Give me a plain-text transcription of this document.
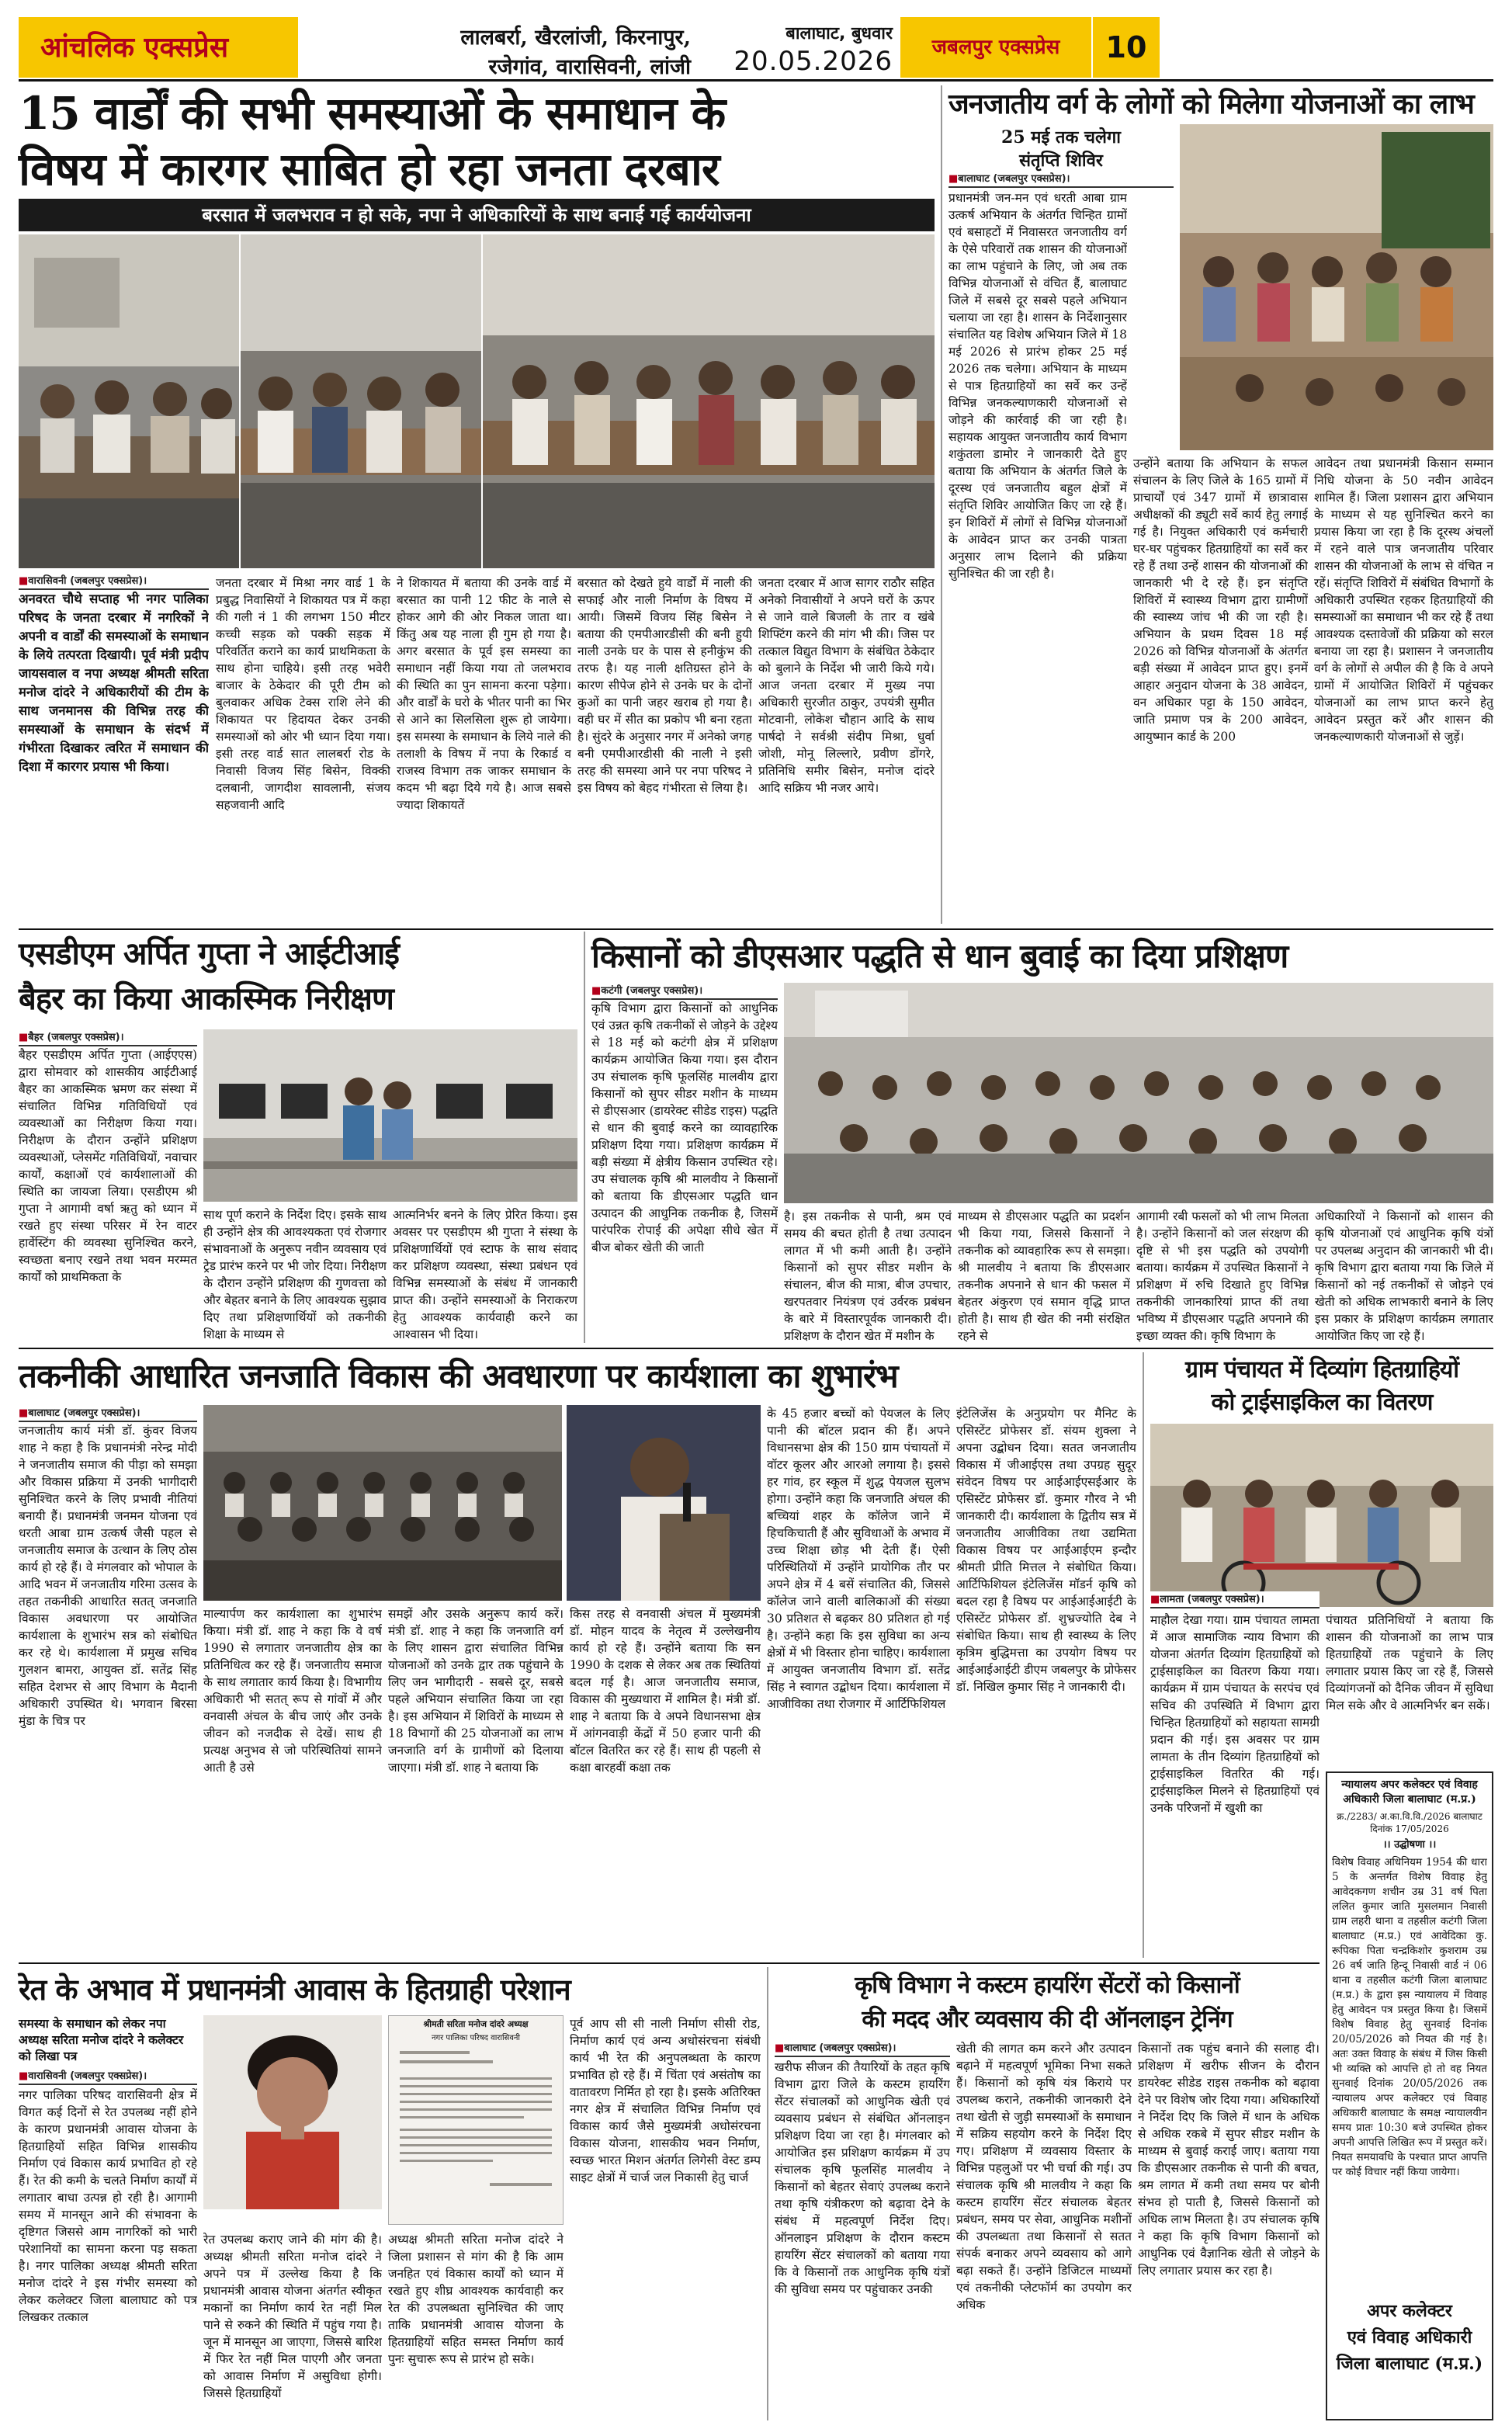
आंचलिक एक्सप्रेस	लालबर्रा, खैरलांजी, किरनापुर,
रजेगांव, वारासिवनी, लांजी
बालाघाट, बुधवार
20.05.2026	जबलपुर एक्सप्रेस	10
15 वार्डों की सभी समस्याओं के समाधान के
विषय में कारगर साबित हो रहा जनता दरबार
बरसात में जलभराव न हो सके, नपा ने अधिकारियों के साथ बनाई गई कार्ययोजना
■ वारासिवनी (जबलपुर एक्सप्रेस)।
अनवरत चौथे सप्ताह भी नगर पालिका परिषद के जनता दरबार में नगरिकों ने अपनी व वार्डों की समस्याओं के समाधान के लिये तत्परता दिखायी। पूर्व मंत्री प्रदीप जायसवाल व नपा अध्यक्ष श्रीमती सरिता मनोज दांदरे ने अधिकारीयों की टीम के साथ जनमानस की विभिन्न तरह की समस्याओं के समाधान के संदर्भ में गंभीरता दिखाकर त्वरित में समाधान की दिशा में कारगर प्रयास भी किया।
जनता दरबार में मिश्रा नगर वार्ड 1 के प्रबुद्ध निवासियों ने शिकायत पत्र में कहा की गली नं 1 की लगभग 150 मीटर कच्ची सड़क को पक्की सड़क में परिवर्तित कराने का कार्य प्राथमिकता के साथ होना चाहिये। इसी तरह भवेरी बाजार के ठेकेदार की पूरी टीम को बुलवाकर अधिक टेक्स राशि लेने की शिकायत पर हिदायत देकर उनकी समस्याओं को ओर भी ध्यान दिया गया। इसी तरह वार्ड सात लालबर्रा रोड के निवासी विजय सिंह बिसेन, विक्की दलबानी, जागदीश सावलानी, संजय सहजवानी आदि
ने शिकायत में बताया की उनके वार्ड में बरसात का पानी 12 फीट के नाले से होकर आगे की ओर निकल जाता था। किंतु अब यह नाला ही गुम हो गया है। अगर बरसात के पूर्व इस समस्या का समाधान नहीं किया गया तो जलभराव की स्थिति का पुन सामना करना पड़ेगा। और वार्डों के घरो के भीतर पानी का भिर से आने का सिलसिला शुरू हो जायेगा। इस समस्या के समाधान के लिये नाले की तलाशी के विषय में नपा के रिकार्ड व राजस्व विभाग तक जाकर समाधान के कदम भी बढ़ा दिये गये है। आज सबसे ज्यादा शिकायतें
बरसात को देखते हुये वार्डों में नाली की सफाई और नाली निर्माण के विषय में आयी। जिसमें विजय सिंह बिसेन ने बताया की एमपीआरडीसी की बनी हुयी नाली उनके घर के पास से हनीकुंभ की तरफ है। यह नाली क्षतिग्रस्त होने के कारण सीपेज होने से उनके घर के दोनों कुओं का पानी जहर खराब हो गया है। वही घर में सीत का प्रकोप भी बना रहता है। सुंदरे के अनुसार नगर में अनेको जगह बनी एमपीआरडीसी की नाली ने इसी तरह की समस्या आने पर नपा परिषद ने इस विषय को बेहद गंभीरता से लिया है।
जनता दरबार में आज सागर राठौर सहित अनेको निवासीयों ने अपने घरों के ऊपर से जाने वाले बिजली के तार व खंबे शिफ्टिंग करने की मांग भी की। जिस पर तत्काल विद्युत विभाग के संबंधित ठेकेदार को बुलाने के निर्देश भी जारी किये गये। आज जनता दरबार में मुख्य नपा अधिकारी सुरजीत ठाकुर, उपयंत्री सुमीत मोटवानी, लोकेश चौहान आदि के साथ पार्षदो ने सर्वश्री संदीप मिश्रा, धुर्वा जोशी, मोनू लिल्लारे, प्रवीण डोंगरे, प्रतिनिधि समीर बिसेन, मनोज दांदरे आदि सक्रिय भी नजर आये।
जनजातीय वर्ग के लोगों को मिलेगा योजनाओं का लाभ
25 मई तक चलेगा
संतृप्ति शिविर
■ बालाघाट (जबलपुर एक्सप्रेस)।
प्रधानमंत्री जन-मन एवं धरती आबा ग्राम उत्कर्ष अभियान के अंतर्गत चिन्हित ग्रामों एवं बसाहटों में निवासरत जनजातीय वर्ग के ऐसे परिवारों तक शासन की योजनाओं का लाभ पहुंचाने के लिए, जो अब तक विभिन्न योजनाओं से वंचित हैं, बालाघाट जिले में सबसे दूर सबसे पहले अभियान चलाया जा रहा है। शासन के निर्देशानुसार संचालित यह विशेष अभियान जिले में 18 मई 2026 से प्रारंभ होकर 25 मई 2026 तक चलेगा। अभियान के माध्यम से पात्र हितग्राहियों का सर्वे कर उन्हें विभिन्न जनकल्याणकारी योजनाओं से जोड़ने की कार्रवाई की जा रही है। सहायक आयुक्त जनजातीय कार्य विभाग शकुंतला डामोर ने जानकारी देते हुए बताया कि अभियान के अंतर्गत जिले के दूरस्थ एवं जनजातीय बहुल क्षेत्रों में संतृप्ति शिविर आयोजित किए जा रहे हैं। इन शिविरों में लोगों से विभिन्न योजनाओं के आवेदन प्राप्त कर उनकी पात्रता अनुसार लाभ दिलाने की प्रक्रिया सुनिश्चित की जा रही है।
उन्होंने बताया कि अभियान के सफल संचालन के लिए जिले के 165 ग्रामों में प्राचार्यों एवं 347 ग्रामों में छात्रावास अधीक्षकों की ड्यूटी सर्वे कार्य हेतु लगाई गई है। नियुक्त अधिकारी एवं कर्मचारी घर-घर पहुंचकर हितग्राहियों का सर्वे कर रहे हैं तथा उन्हें शासन की योजनाओं की जानकारी भी दे रहे हैं। इन संतृप्ति शिविरों में स्वास्थ्य विभाग द्वारा ग्रामीणों की स्वास्थ्य जांच भी की जा रही है। अभियान के प्रथम दिवस 18 मई 2026 को विभिन्न योजनाओं के अंतर्गत बड़ी संख्या में आवेदन प्राप्त हुए। इनमें आहार अनुदान योजना के 38 आवेदन, वन अधिकार पट्टा के 150 आवेदन, जाति प्रमाण पत्र के 200 आवेदन, आयुष्मान कार्ड के 200
आवेदन तथा प्रधानमंत्री किसान सम्मान निधि योजना के 50 नवीन आवेदन शामिल हैं। जिला प्रशासन द्वारा अभियान के माध्यम से यह सुनिश्चित करने का प्रयास किया जा रहा है कि दूरस्थ अंचलों में रहने वाले पात्र जनजातीय परिवार शासन की योजनाओं के लाभ से वंचित न रहें। संतृप्ति शिविरों में संबंधित विभागों के अधिकारी उपस्थित रहकर हितग्राहियों की समस्याओं का समाधान भी कर रहे हैं तथा आवश्यक दस्तावेजों की प्रक्रिया को सरल बनाया जा रहा है। प्रशासन ने जनजातीय वर्ग के लोगों से अपील की है कि वे अपने ग्रामों में आयोजित शिविरों में पहुंचकर योजनाओं का लाभ प्राप्त करने हेतु आवेदन प्रस्तुत करें और शासन की जनकल्याणकारी योजनाओं से जुड़ें।
एसडीएम अर्पित गुप्ता ने आईटीआई
बैहर का किया आकस्मिक निरीक्षण
■ बैहर (जबलपुर एक्सप्रेस)।
बैहर एसडीएम अर्पित गुप्ता (आईएएस) द्वारा सोमवार को शासकीय आईटीआई बैहर का आकस्मिक भ्रमण कर संस्था में संचालित विभिन्न गतिविधियों एवं व्यवस्थाओं का निरीक्षण किया गया। निरीक्षण के दौरान उन्होंने प्रशिक्षण व्यवस्थाओं, प्लेसमेंट गतिविधियों, नवाचार कार्यों, कक्षाओं एवं कार्यशालाओं की स्थिति का जायजा लिया। एसडीएम श्री गुप्ता ने आगामी वर्षा ऋतु को ध्यान में रखते हुए संस्था परिसर में रेन वाटर हार्वेस्टिंग की व्यवस्था सुनिश्चित करने, स्वच्छता बनाए रखने तथा भवन मरम्मत कार्यों को प्राथमिकता के
साथ पूर्ण कराने के निर्देश दिए। इसके साथ ही उन्होंने क्षेत्र की आवश्यकता एवं रोजगार संभावनाओं के अनुरूप नवीन व्यवसाय एवं ट्रेड प्रारंभ करने पर भी जोर दिया। निरीक्षण के दौरान उन्होंने प्रशिक्षण की गुणवत्ता को और बेहतर बनाने के लिए आवश्यक सुझाव दिए तथा प्रशिक्षणार्थियों को तकनीकी शिक्षा के माध्यम से
आत्मनिर्भर बनने के लिए प्रेरित किया। इस अवसर पर एसडीएम श्री गुप्ता ने संस्था के प्रशिक्षणार्थियों एवं स्टाफ के साथ संवाद कर प्रशिक्षण व्यवस्था, संस्था प्रबंधन एवं विभिन्न समस्याओं के संबंध में जानकारी प्राप्त की। उन्होंने समस्याओं के निराकरण हेतु आवश्यक कार्यवाही करने का आश्वासन भी दिया।
किसानों को डीएसआर पद्धति से धान बुवाई का दिया प्रशिक्षण
■ कटंगी (जबलपुर एक्सप्रेस)।
कृषि विभाग द्वारा किसानों को आधुनिक एवं उन्नत कृषि तकनीकों से जोड़ने के उद्देश्य से 18 मई को कटंगी क्षेत्र में प्रशिक्षण कार्यक्रम आयोजित किया गया। इस दौरान उप संचालक कृषि फूलसिंह मालवीय द्वारा किसानों को सुपर सीडर मशीन के माध्यम से डीएसआर (डायरेक्ट सीडेड राइस) पद्धति से धान की बुवाई करने का व्यावहारिक प्रशिक्षण दिया गया। प्रशिक्षण कार्यक्रम में बड़ी संख्या में क्षेत्रीय किसान उपस्थित रहे। उप संचालक कृषि श्री मालवीय ने किसानों को बताया कि डीएसआर पद्धति धान उत्पादन की आधुनिक तकनीक है, जिसमें पारंपरिक रोपाई की अपेक्षा सीधे खेत में बीज बोकर खेती की जाती
है। इस तकनीक से पानी, श्रम एवं समय की बचत होती है तथा उत्पादन लागत में भी कमी आती है। उन्होंने किसानों को सुपर सीडर मशीन के संचालन, बीज की मात्रा, बीज उपचार, खरपतवार नियंत्रण एवं उर्वरक प्रबंधन के बारे में विस्तारपूर्वक जानकारी दी। प्रशिक्षण के दौरान खेत में मशीन के
माध्यम से डीएसआर पद्धति का प्रदर्शन भी किया गया, जिससे किसानों ने तकनीक को व्यावहारिक रूप से समझा। श्री मालवीय ने बताया कि डीएसआर तकनीक अपनाने से धान की फसल में बेहतर अंकुरण एवं समान वृद्धि प्राप्त होती है। साथ ही खेत की नमी संरक्षित रहने से
आगामी रबी फसलों को भी लाभ मिलता है। उन्होंने किसानों को जल संरक्षण की दृष्टि से भी इस पद्धति को उपयोगी बताया। कार्यक्रम में उपस्थित किसानों ने प्रशिक्षण में रुचि दिखाते हुए विभिन्न तकनीकी जानकारियां प्राप्त कीं तथा भविष्य में डीएसआर पद्धति अपनाने की इच्छा व्यक्त की। कृषि विभाग के
अधिकारियों ने किसानों को शासन की कृषि योजनाओं एवं आधुनिक कृषि यंत्रों पर उपलब्ध अनुदान की जानकारी भी दी। कृषि विभाग द्वारा बताया गया कि जिले में किसानों को नई तकनीकों से जोड़ने एवं खेती को अधिक लाभकारी बनाने के लिए इस प्रकार के प्रशिक्षण कार्यक्रम लगातार आयोजित किए जा रहे हैं।
तकनीकी आधारित जनजाति विकास की अवधारणा पर कार्यशाला का शुभारंभ
■ बालाघाट (जबलपुर एक्सप्रेस)।
जनजातीय कार्य मंत्री डॉ. कुंवर विजय शाह ने कहा है कि प्रधानमंत्री नरेन्द्र मोदी ने जनजातीय समाज की पीड़ा को समझा और विकास प्रक्रिया में उनकी भागीदारी सुनिश्चित करने के लिए प्रभावी नीतियां बनायी हैं। प्रधानमंत्री जनमन योजना एवं धरती आबा ग्राम उत्कर्ष जैसी पहल से जनजातीय समाज के उत्थान के लिए ठोस कार्य हो रहे हैं। वे मंगलवार को भोपाल के आदि भवन में जनजातीय गरिमा उत्सव के तहत तकनीकी आधारित सतत् जनजाति विकास अवधारणा पर आयोजित कार्यशाला के शुभारंभ सत्र को संबोधित कर रहे थे। कार्यशाला में प्रमुख सचिव गुलशन बामरा, आयुक्त डॉ. सतेंद्र सिंह सहित देशभर से आए विभाग के मैदानी अधिकारी उपस्थित थे। भगवान बिरसा मुंडा के चित्र पर
माल्यार्पण कर कार्यशाला का शुभारंभ किया। मंत्री डॉ. शाह ने कहा कि वे वर्ष 1990 से लगातार जनजातीय क्षेत्र का प्रतिनिधित्व कर रहे हैं। जनजातीय समाज के साथ लगातार कार्य किया है। विभागीय अधिकारी भी सतत् रूप से गांवों में और वनवासी अंचल के बीच जाएं और उनके जीवन को नजदीक से देखें। साथ ही प्रत्यक्ष अनुभव से जो परिस्थितियां सामने आती है उसे
समझें और उसके अनुरूप कार्य करें। मंत्री डॉ. शाह ने कहा कि जनजाति वर्ग के लिए शासन द्वारा संचालित विभिन्न योजनाओं को उनके द्वार तक पहुंचाने के लिए जन भागीदारी - सबसे दूर, सबसे पहले अभियान संचालित किया जा रहा है। इस अभियान में शिविरों के माध्यम से 18 विभागों की 25 योजनाओं का लाभ जनजाति वर्ग के ग्रामीणों को दिलाया जाएगा। मंत्री डॉ. शाह ने बताया कि
किस तरह से वनवासी अंचल में मुख्यमंत्री डॉ. मोहन यादव के नेतृत्व में उल्लेखनीय कार्य हो रहे हैं। उन्होंने बताया कि सन 1990 के दशक से लेकर अब तक स्थितियां बदल गई है। आज जनजातीय समाज, विकास की मुख्यधारा में शामिल है। मंत्री डॉ. शाह ने बताया कि वे अपने विधानसभा क्षेत्र में आंगनवाड़ी केंद्रों में 50 हजार पानी की बॉटल वितरित कर रहे हैं। साथ ही पहली से कक्षा बारहवीं कक्षा तक
के 45 हजार बच्चों को पेयजल के लिए पानी की बॉटल प्रदान की हैं। अपने विधानसभा क्षेत्र की 150 ग्राम पंचायतों में वॉटर कूलर और आरओ लगाया है। इससे हर गांव, हर स्कूल में शुद्ध पेयजल सुलभ होगा। उन्होंने कहा कि जनजाति अंचल की बच्चियां शहर के कॉलेज जाने में हिचकिचाती हैं और सुविधाओं के अभाव में उच्च शिक्षा छोड़ भी देती हैं। ऐसी परिस्थितियों में उन्होंने प्रायोगिक तौर पर अपने क्षेत्र में 4 बसें संचालित की, जिससे कॉलेज जाने वाली बालिकाओं की संख्या 30 प्रतिशत से बढ़कर 80 प्रतिशत हो गई है। उन्होंने कहा कि इस सुविधा का अन्य क्षेत्रों में भी विस्तार होना चाहिए। कार्यशाला में आयुक्त जनजातीय विभाग डॉ. सतेंद्र सिंह ने स्वागत उद्बोधन दिया। कार्यशाला में आजीविका तथा रोजगार में आर्टिफिशियल
इंटेलिजेंस के अनुप्रयोग पर मैनिट के एसिस्टेंट प्रोफेसर डॉ. संयम शुक्ला ने अपना उद्बोधन दिया। सतत जनजातीय विकास में जीआईएस तथा उपग्रह सुदूर संवेदन विषय पर आईआईएसईआर के एसिस्टेंट प्रोफेसर डॉ. कुमार गौरव ने भी जानकारी दी। कार्यशाला के द्वितीय सत्र में जनजातीय आजीविका तथा उद्यमिता विकास विषय पर आईआईएम इन्दौर श्रीमती प्रीति मित्तल ने संबोधित किया। आर्टिफिशियल इंटेलिजेंस मॉडर्न कृषि को बदल रहा है विषय पर आईआईआईटी के एसिस्टेंट प्रोफेसर डॉ. शुभ्रज्योति देब ने संबोधित किया। साथ ही स्वास्थ्य के लिए कृत्रिम बुद्धिमत्ता का उपयोग विषय पर आईआईआईटी डीएम जबलपुर के प्रोफेसर डॉ. निखिल कुमार सिंह ने जानकारी दी।
ग्राम पंचायत में दिव्यांग हितग्राहियों
को ट्राईसाइकिल का वितरण
■ लामता (जबलपुर एक्सप्रेस)।
माहौल देखा गया। ग्राम पंचायत लामता में आज सामाजिक न्याय विभाग की योजना अंतर्गत दिव्यांग हितग्राहियों को ट्राईसाइकिल का वितरण किया गया। कार्यक्रम में ग्राम पंचायत के सरपंच एवं सचिव की उपस्थिति में विभाग द्वारा चिन्हित हितग्राहियों को सहायता सामग्री प्रदान की गई। इस अवसर पर ग्राम लामता के तीन दिव्यांग हितग्राहियों को ट्राईसाइकिल वितरित की गई। ट्राईसाइकिल मिलने से हितग्राहियों एवं उनके परिजनों में खुशी का
पंचायत प्रतिनिधियों ने बताया कि शासन की योजनाओं का लाभ पात्र हितग्राहियों तक पहुंचाने के लिए लगातार प्रयास किए जा रहे हैं, जिससे दिव्यांगजनों को दैनिक जीवन में सुविधा मिल सके और वे आत्मनिर्भर बन सकें।
न्यायालय अपर कलेक्टर एवं विवाह अधिकारी जिला बालाघाट (म.प्र.)
क्र./2283/ अ.का.वि.वि./2026 बालाघाट दिनांक 17/05/2026
।। उद्घोषणा ।।
विशेष विवाह अधिनियम 1954 की धारा 5 के अन्तर्गत विशेष विवाह हेतु आवेदकगण शचीन उम्र 31 वर्ष पिता ललित कुमार जाति मुसलमान निवासी ग्राम लहरी थाना व तहसील कटंगी जिला बालाघाट (म.प्र.) एवं आवेदिका कु. रूपिका पिता चन्द्रकिशोर कुशराम उम्र 26 वर्ष जाति हिन्दू निवासी वार्ड नं 06 थाना व तहसील कटंगी जिला बालाघाट (म.प्र.) के द्वारा इस न्यायालय में विवाह हेतु आवेदन पत्र प्रस्तुत किया है। जिसमें विशेष विवाह हेतु सुनवाई दिनांक 20/05/2026 को नियत की गई है। अतः उक्त विवाह के संबंध में जिस किसी भी व्यक्ति को आपत्ति हो तो वह नियत सुनवाई दिनांक 20/05/2026 तक न्यायालय अपर कलेक्टर एवं विवाह अधिकारी बालाघाट के समक्ष न्यायालयीन समय प्रातः 10:30 बजे उपस्थित होकर अपनी आपत्ति लिखित रूप में प्रस्तुत करें। नियत समयावधि के पश्चात प्राप्त आपत्ति पर कोई विचार नहीं किया जायेगा।
अपर कलेक्टर
एवं विवाह अधिकारी
जिला बालाघाट (म.प्र.)
रेत के अभाव में प्रधानमंत्री आवास के हितग्राही परेशान
समस्या के समाधान को लेकर नपा अध्यक्ष सरिता मनोज दांदरे ने कलेक्टर को लिखा पत्र
■ वारासिवनी (जबलपुर एक्सप्रेस)।
नगर पालिका परिषद वारासिवनी क्षेत्र में विगत कई दिनों से रेत उपलब्ध नहीं होने के कारण प्रधानमंत्री आवास योजना के हितग्राहियों सहित विभिन्न शासकीय निर्माण एवं विकास कार्य प्रभावित हो रहे हैं। रेत की कमी के चलते निर्माण कार्यों में लगातार बाधा उत्पन्न हो रही है। आगामी समय में मानसून आने की संभावना के दृष्टिगत जिससे आम नागरिकों को भारी परेशानियों का सामना करना पड़ सकता है। नगर पालिका अध्यक्ष श्रीमती सरिता मनोज दांदरे ने इस गंभीर समस्या को लेकर कलेक्टर जिला बालाघाट को पत्र लिखकर तत्काल
श्रीमती सरिता मनोज दांदरे अध्यक्ष
नगर पालिका परिषद वारासिवनी
पूर्व आप सी सी नाली निर्माण सीसी रोड, निर्माण कार्य एवं अन्य अधोसंरचना संबंधी कार्य भी रेत की अनुपलब्धता के कारण प्रभावित हो रहे हैं। में चिंता एवं असंतोष का वातावरण निर्मित हो रहा है। इसके अतिरिक्त नगर क्षेत्र में संचालित विभिन्न निर्माण एवं विकास कार्य जैसे मुख्यमंत्री अधोसंरचना विकास योजना, शासकीय भवन निर्माण, स्वच्छ भारत मिशन अंतर्गत लिगेसी वेस्ट डम्प साइट क्षेत्रों में चार्ज जल निकासी हेतु चार्ज
रेत उपलब्ध कराए जाने की मांग की है। अध्यक्ष श्रीमती सरिता मनोज दांदरे ने अपने पत्र में उल्लेख किया है कि प्रधानमंत्री आवास योजना अंतर्गत स्वीकृत मकानों का निर्माण कार्य रेत नहीं मिल पाने से रुकने की स्थिति में पहुंच गया है। जून में मानसून आ जाएगा, जिससे बारिश में फिर रेत नहीं मिल पाएगी और जनता को आवास निर्माण में असुविधा होगी। जिससे हितग्राहियों
अध्यक्ष श्रीमती सरिता मनोज दांदरे ने जिला प्रशासन से मांग की है कि आम जनहित एवं विकास कार्यों को ध्यान में रखते हुए शीघ्र आवश्यक कार्यवाही कर रेत की उपलब्धता सुनिश्चित की जाए ताकि प्रधानमंत्री आवास योजना के हितग्राहियों सहित समस्त निर्माण कार्य पुनः सुचारू रूप से प्रारंभ हो सके।
कृषि विभाग ने कस्टम हायरिंग सेंटरों को किसानों
की मदद और व्यवसाय की दी ऑनलाइन ट्रेनिंग
■ बालाघाट (जबलपुर एक्सप्रेस)।
खरीफ सीजन की तैयारियों के तहत कृषि विभाग द्वारा जिले के कस्टम हायरिंग सेंटर संचालकों को आधुनिक खेती एवं व्यवसाय प्रबंधन से संबंधित ऑनलाइन प्रशिक्षण दिया जा रहा है। मंगलवार को आयोजित इस प्रशिक्षण कार्यक्रम में उप संचालक कृषि फूलसिंह मालवीय ने किसानों को बेहतर सेवाएं उपलब्ध कराने तथा कृषि यंत्रीकरण को बढ़ावा देने के संबंध में महत्वपूर्ण निर्देश दिए। ऑनलाइन प्रशिक्षण के दौरान कस्टम हायरिंग सेंटर संचालकों को बताया गया कि वे किसानों तक आधुनिक कृषि यंत्रों की सुविधा समय पर पहुंचाकर उनकी
खेती की लागत कम करने और उत्पादन बढ़ाने में महत्वपूर्ण भूमिका निभा सकते हैं। किसानों को कृषि यंत्र किराये पर उपलब्ध कराने, तकनीकी जानकारी देने तथा खेती से जुड़ी समस्याओं के समाधान में सक्रिय सहयोग करने के निर्देश दिए गए। प्रशिक्षण में व्यवसाय विस्तार के विभिन्न पहलुओं पर भी चर्चा की गई। उप संचालक कृषि श्री मालवीय ने कहा कि कस्टम हायरिंग सेंटर संचालक बेहतर प्रबंधन, समय पर सेवा, आधुनिक मशीनों की उपलब्धता तथा किसानों से सतत संपर्क बनाकर अपने व्यवसाय को आगे बढ़ा सकते हैं। उन्होंने डिजिटल माध्यमों एवं तकनीकी प्लेटफॉर्म का उपयोग कर अधिक
किसानों तक पहुंच बनाने की सलाह दी। प्रशिक्षण में खरीफ सीजन के दौरान डायरेक्ट सीडेड राइस तकनीक को बढ़ावा देने पर विशेष जोर दिया गया। अधिकारियों ने निर्देश दिए कि जिले में धान के अधिक से अधिक रकबे में सुपर सीडर मशीन के माध्यम से बुवाई कराई जाए। बताया गया कि डीएसआर तकनीक से पानी की बचत, श्रम लागत में कमी तथा समय पर बोनी संभव हो पाती है, जिससे किसानों को अधिक लाभ मिलता है। उप संचालक कृषि ने कहा कि कृषि विभाग किसानों को आधुनिक एवं वैज्ञानिक खेती से जोड़ने के लिए लगातार प्रयास कर रहा है।
